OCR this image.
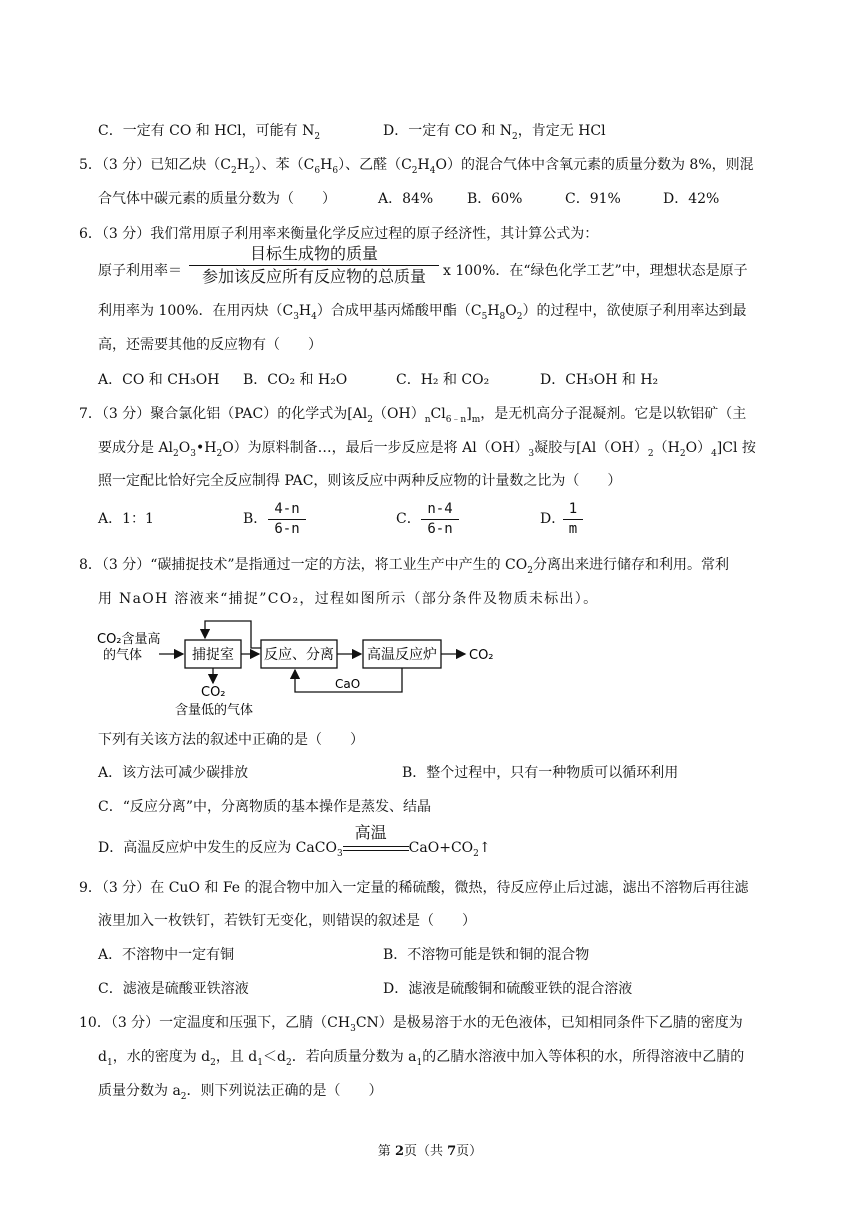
C．一定有 CO 和 HCl，可能有 $N_2$	D．一定有 CO 和 $N_2$，肯定无 HCl
5．（3 分）已知乙炔$(C_2H_2)$、苯$(C_6H_6)$、乙醛$(C_2H_4O)$的混合气体中含氧元素的质量分数为 8%，则混
合气体中碳元素的质量分数为（　　）	A．84% B．60%	C．91%	D．42%
6．（3 分）我们常用原子利用率来衡量化学反应过程的原子经济性，其计算公式为：
原子利用率＝
目标生成物的质量
参加该反应所有反应物的总质量	x 100%．在“绿色化学工艺”中，理想状态是原子
利用率为 100%．在用丙炔$(C_3H_4)$合成甲基丙烯酸甲酯$(C_5H_8O_2)$的过程中，欲使原子利用率达到最
高，还需要其他的反应物有（　　）
A．CO 和 CH₃OH B．CO₂ 和 H₂O	C．H₂ 和 CO₂	D．CH₃OH 和 H₂
7．（3 分）聚合氯化铝（PAC）的化学式为$[Al_2(OH)_nCl_{6﹣n}]_m$，是无机高分子混凝剂。它是以软铝矿（主
要成分是 $Al_2O_3•H_2O$）为原料制备…，最后一步反应是将 $Al(OH)_3$凝胶与$[Al(OH)_2(H_2O)_4]Cl$ 按
照一定配比恰好完全反应制得 PAC，则该反应中两种反应物的计量数之比为（　　）
A．1：1	B．
4-n
6-n
C．
n-4
6-n
D．
1
m
8．（3 分）“碳捕捉技术”是指通过一定的方法，将工业生产中产生的 $CO_2$分离出来进行储存和利用。常利
用 NaOH 溶液来“捕捉”CO₂，过程如图所示（部分条件及物质未标出）。
CO₂含量高
的气体	捕捉室 反应、分离 高温反应炉 CO₂
CaO
CO₂
含量低的气体
下列有关该方法的叙述中正确的是（　　）
A．该方法可减少碳排放	B．整个过程中，只有一种物质可以循环利用
C．“反应分离”中，分离物质的基本操作是蒸发、结晶
D．高温反应炉中发生的反应为 CaCO$_3$
高温
$CaO+CO_2↑$
9．（3 分）在 CuO 和 Fe 的混合物中加入一定量的稀硫酸，微热，待反应停止后过滤，滤出不溶物后再往滤
液里加入一枚铁钉，若铁钉无变化，则错误的叙述是（　　）
A．不溶物中一定有铜	B．不溶物可能是铁和铜的混合物
C．滤液是硫酸亚铁溶液	D．滤液是硫酸铜和硫酸亚铁的混合溶液
10．（3 分）一定温度和压强下，乙腈$(CH_3CN)$是极易溶于水的无色液体，已知相同条件下乙腈的密度为
$d_1$，水的密度为 $d_2$，且 $d_1<d_2$．若向质量分数为 $a_1$的乙腈水溶液中加入等体积的水，所得溶液中乙腈的
质量分数为 $a_2$．则下列说法正确的是（　　）
第 2页（共 7页）
